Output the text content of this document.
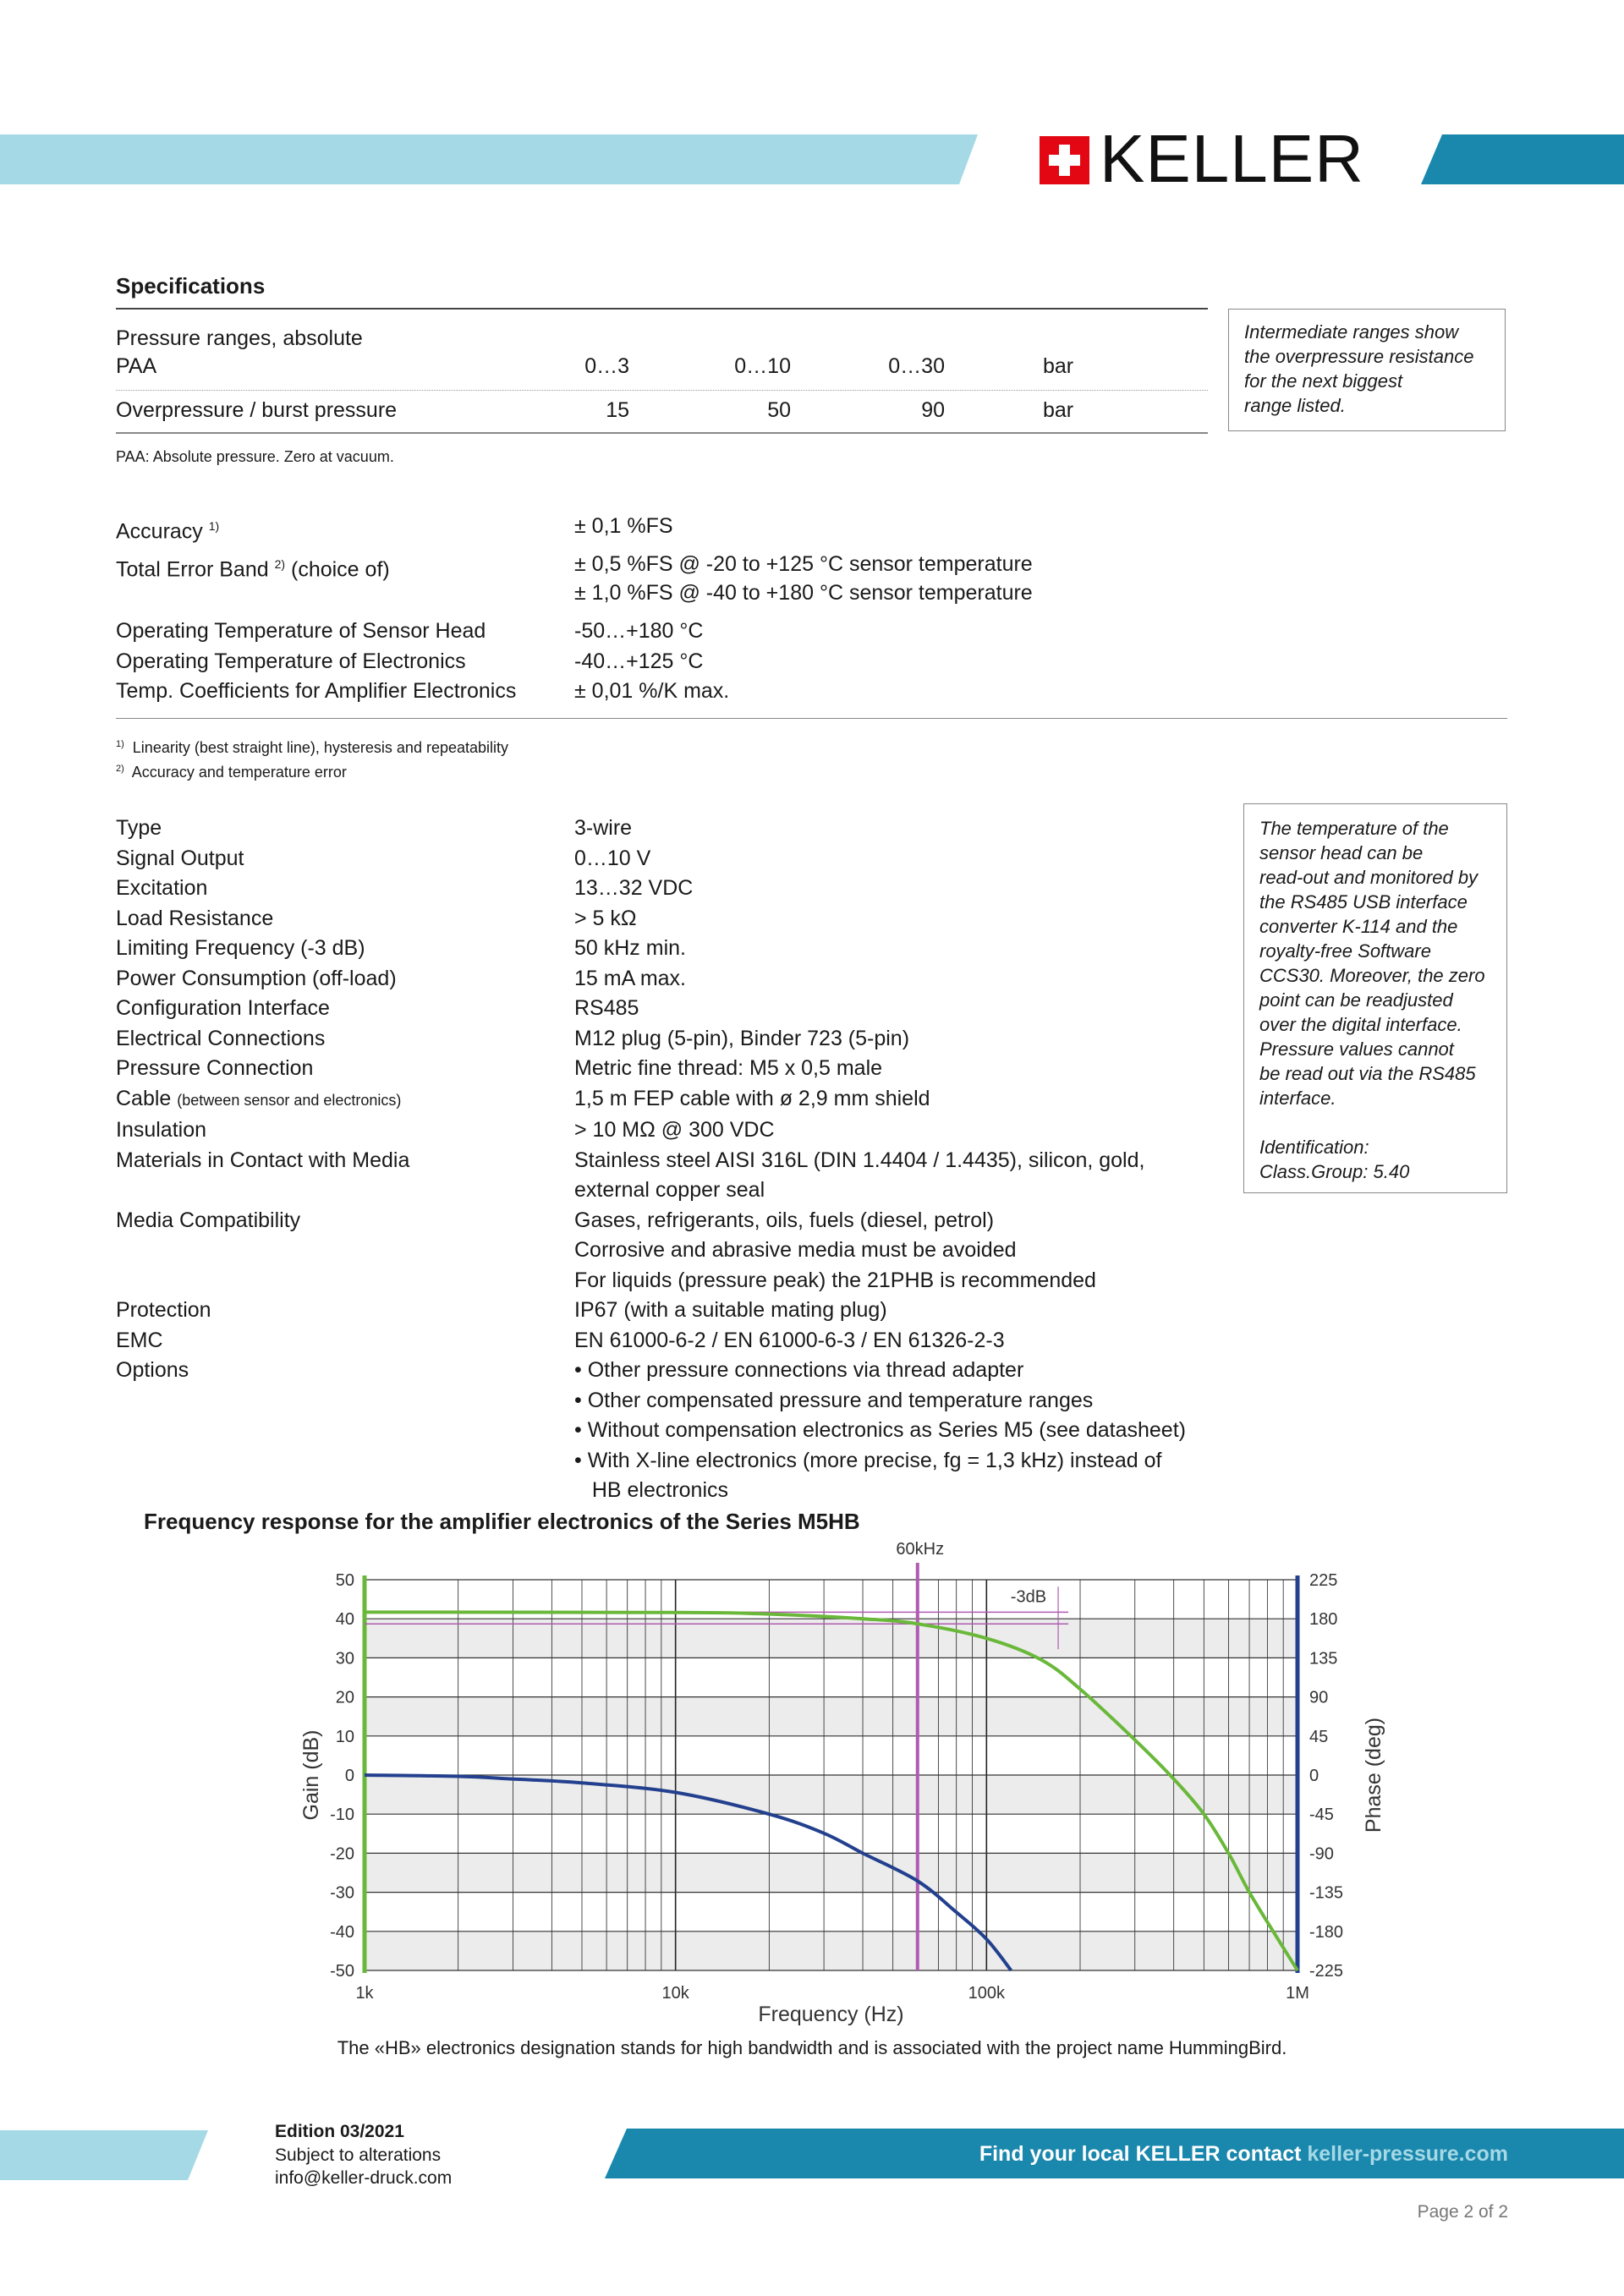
KELLER
Specifications
Pressure ranges, absolute
PAA	0…3	0…10	0…30	bar
Overpressure / burst pressure	15	50	90	bar
Intermediate ranges show
the overpressure resistance
for the next biggest
range listed.
PAA: Absolute pressure. Zero at vacuum.
Accuracy $^{1)}$	± 0,1 %FS
Total Error Band $^{2)}$ (choice of)	± 0,5 %FS @ -20 to +125 °C sensor temperature
± 1,0 %FS @ -40 to +180 °C sensor temperature
Operating Temperature of Sensor Head	-50…+180 °C
Operating Temperature of Electronics	-40…+125 °C
Temp. Coefficients for Amplifier Electronics	± 0,01 %/K max.
$^{1)}$ Linearity (best straight line), hysteresis and repeatability
$^{2)}$ Accuracy and temperature error
Type	3-wire
Signal Output	0…10 V
Excitation	13…32 VDC
Load Resistance	> 5 kΩ
Limiting Frequency (-3 dB)	50 kHz min.
Power Consumption (off-load)	15 mA max.
Configuration Interface	RS485
Electrical Connections	M12 plug (5-pin), Binder 723 (5-pin)
Pressure Connection	Metric fine thread: M5 x 0,5 male
Cable (between sensor and electronics)	1,5 m FEP cable with ø 2,9 mm shield
Insulation	> 10 MΩ @ 300 VDC
Materials in Contact with Media	Stainless steel AISI 316L (DIN 1.4404 / 1.4435), silicon, gold,
external copper seal
Media Compatibility	Gases, refrigerants, oils, fuels (diesel, petrol)
Corrosive and abrasive media must be avoided
For liquids (pressure peak) the 21PHB is recommended
Protection	IP67 (with a suitable mating plug)
EMC	EN 61000-6-2 / EN 61000-6-3 / EN 61326-2-3
Options	• Other pressure connections via thread adapter
• Other compensated pressure and temperature ranges
• Without compensation electronics as Series M5 (see datasheet)
• With X-line electronics (more precise, fg = 1,3 kHz) instead of
HB electronics
The temperature of the
sensor head can be
read-out and monitored by
the RS485 USB interface
converter K-114 and the
royalty-free Software
CCS30. Moreover, the zero
point can be readjusted
over the digital interface.
Pressure values cannot
be read out via the RS485
interface.

Identification:
Class.Group: 5.40
Frequency response for the amplifier electronics of the Series M5HB
50
40
30
20
10
0
-10
-20
-30
-40
-50
225
180
135
90
45
0
-45
-90
-135
-180
-225
1k	10k	100k	1M
Frequency (Hz)
Gain (dB)	Phase (deg)
-3dB
60kHz
The «HB» electronics designation stands for high bandwidth and is associated with the project name HummingBird.
Edition 03/2021
Subject to alterations
info@keller-druck.com
Find your local KELLER contact keller-pressure.com
Page 2 of 2
